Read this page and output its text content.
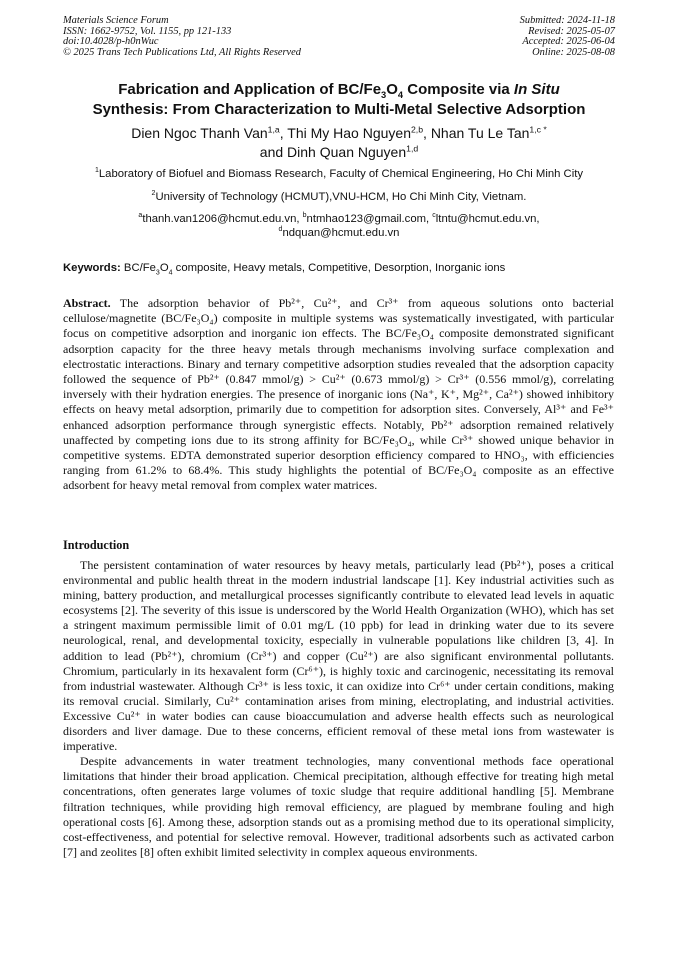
Materials Science Forum
ISSN: 1662-9752, Vol. 1155, pp 121-133
doi:10.4028/p-h0nWuc
© 2025 Trans Tech Publications Ltd, All Rights Reserved
Submitted: 2024-11-18
Revised: 2025-05-07
Accepted: 2025-06-04
Online: 2025-08-08
Fabrication and Application of $BC/Fe_3O_4$ Composite via In Situ
Synthesis: From Characterization to Multi-Metal Selective Adsorption
Dien Ngoc Thanh Van$^{1,a}$, Thi My Hao Nguyen$^{2,b}$, Nhan Tu Le Tan$^{1,c *}$
and Dinh Quan Nguyen$^{1,d}$
$^1$Laboratory of Biofuel and Biomass Research, Faculty of Chemical Engineering, Ho Chi Minh City
$^2$University of Technology (HCMUT),VNU-HCM, Ho Chi Minh City, Vietnam.
$^a$thanh.van1206@hcmut.edu.vn, $^b$ntmhao123@gmail.com, $^c$ltntu@hcmut.edu.vn,
$^d$ndquan@hcmut.edu.vn
Keywords: $BC/Fe_3O_4$ composite, Heavy metals, Competitive, Desorption, Inorganic ions
Abstract. The adsorption behavior of Pb²⁺, Cu²⁺, and Cr³⁺ from aqueous solutions onto bacterial cellulose/magnetite (BC/Fe₃O₄) composite in multiple systems was systematically investigated, with particular focus on competitive adsorption and inorganic ion effects. The BC/Fe₃O₄ composite demonstrated significant adsorption capacity for the three heavy metals through mechanisms involving surface complexation and electrostatic interactions. Binary and ternary competitive adsorption studies revealed that the adsorption capacity followed the sequence of Pb²⁺ (0.847 mmol/g) > Cu²⁺ (0.673 mmol/g) > Cr³⁺ (0.556 mmol/g), correlating inversely with their hydration energies. The presence of inorganic ions (Na⁺, K⁺, Mg²⁺, Ca²⁺) showed inhibitory effects on heavy metal adsorption, primarily due to competition for adsorption sites. Conversely, Al³⁺ and Fe³⁺ enhanced adsorption performance through synergistic effects. Notably, Pb²⁺ adsorption remained relatively unaffected by competing ions due to its strong affinity for BC/Fe₃O₄, while Cr³⁺ showed unique behavior in competitive systems. EDTA demonstrated superior desorption efficiency compared to HNO₃, with efficiencies ranging from 61.2% to 68.4%. This study highlights the potential of BC/Fe₃O₄ composite as an effective adsorbent for heavy metal removal from complex water matrices.
Introduction

The persistent contamination of water resources by heavy metals, particularly lead (Pb²⁺), poses a critical environmental and public health threat in the modern industrial landscape [1]. Key industrial activities such as mining, battery production, and metallurgical processes significantly contribute to elevated lead levels in aquatic ecosystems [2]. The severity of this issue is underscored by the World Health Organization (WHO), which has set a stringent maximum permissible limit of 0.01 mg/L (10 ppb) for lead in drinking water due to its severe neurological, renal, and developmental toxicity, especially in vulnerable populations like children [3, 4]. In addition to lead (Pb²⁺), chromium (Cr³⁺) and copper (Cu²⁺) are also significant environmental pollutants. Chromium, particularly in its hexavalent form (Cr⁶⁺), is highly toxic and carcinogenic, necessitating its removal from industrial wastewater. Although Cr³⁺ is less toxic, it can oxidize into Cr⁶⁺ under certain conditions, making its removal crucial. Similarly, Cu²⁺ contamination arises from mining, electroplating, and industrial activities. Excessive Cu²⁺ in water bodies can cause bioaccumulation and adverse health effects such as neurological disorders and liver damage. Due to these concerns, efficient removal of these metal ions from wastewater is imperative.

Despite advancements in water treatment technologies, many conventional methods face operational limitations that hinder their broad application. Chemical precipitation, although effective for treating high metal concentrations, often generates large volumes of toxic sludge that require additional handling [5]. Membrane filtration techniques, while providing high removal efficiency, are plagued by membrane fouling and high operational costs [6]. Among these, adsorption stands out as a promising method due to its operational simplicity, cost-effectiveness, and potential for selective removal. However, traditional adsorbents such as activated carbon [7] and zeolites [8] often exhibit limited selectivity in complex aqueous environments.
